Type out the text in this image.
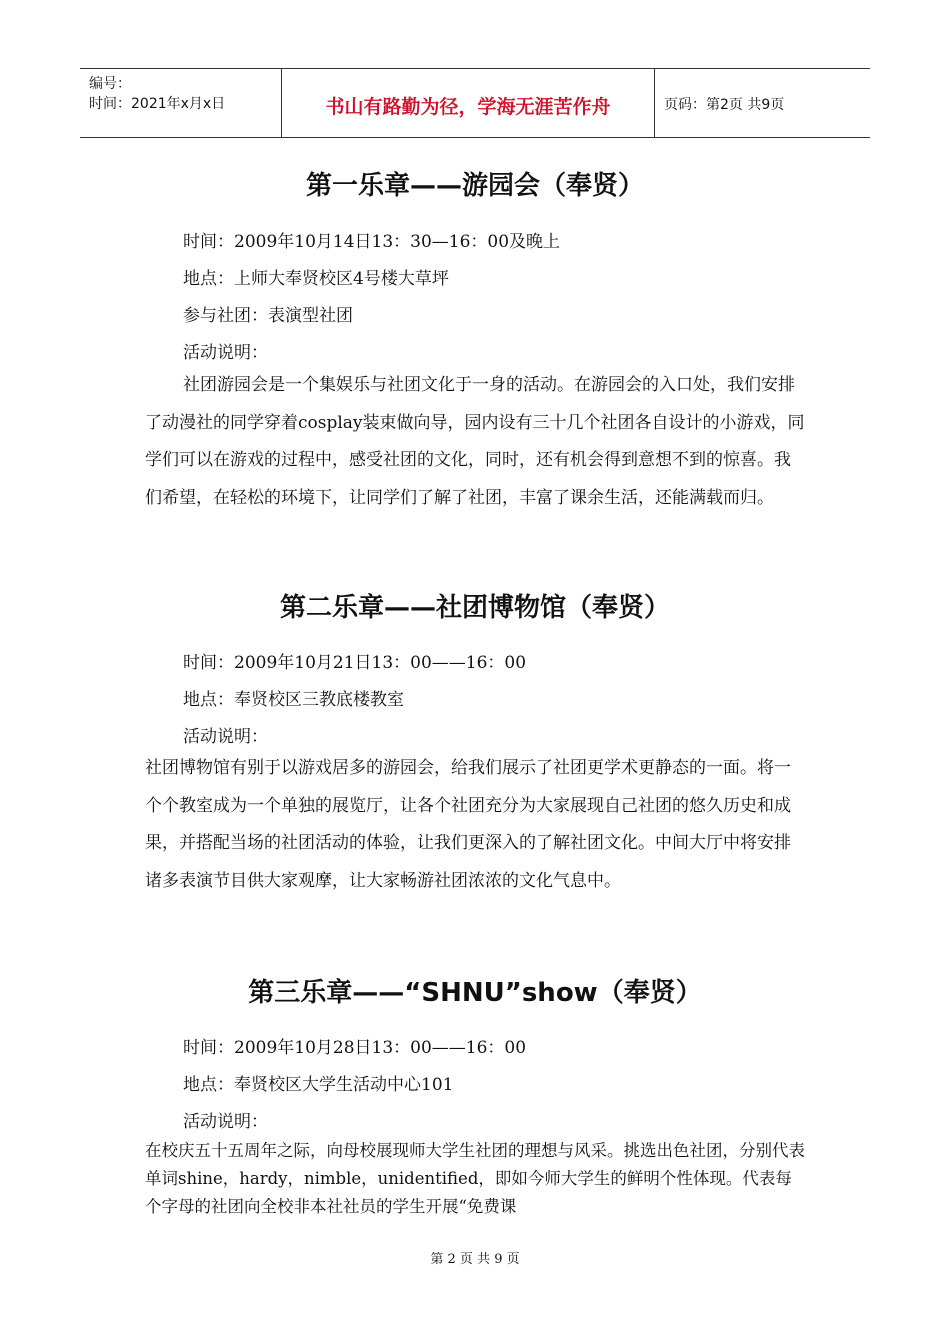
编号：
时间：2021年x月x日	书山有路勤为径，学海无涯苦作舟	页码：第2页 共9页
第一乐章——游园会（奉贤）
时间：2009年10月14日13：30—16：00及晚上
地点：上师大奉贤校区4号楼大草坪
参与社团：表演型社团
活动说明：

社团游园会是一个集娱乐与社团文化于一身的活动。在游园会的入口处，我们安排了动漫社的同学穿着cosplay装束做向导，园内设有三十几个社团各自设计的小游戏，同学们可以在游戏的过程中，感受社团的文化，同时，还有机会得到意想不到的惊喜。我们希望，在轻松的环境下，让同学们了解了社团，丰富了课余生活，还能满载而归。

第二乐章——社团博物馆（奉贤）
时间：2009年10月21日13：00——16：00
地点：奉贤校区三教底楼教室
活动说明：

社团博物馆有别于以游戏居多的游园会，给我们展示了社团更学术更静态的一面。将一个个教室成为一个单独的展览厅，让各个社团充分为大家展现自己社团的悠久历史和成果，并搭配当场的社团活动的体验，让我们更深入的了解社团文化。中间大厅中将安排诸多表演节目供大家观摩，让大家畅游社团浓浓的文化气息中。

第三乐章——“SHNU”show（奉贤）
时间：2009年10月28日13：00——16：00
地点：奉贤校区大学生活动中心101
活动说明：

在校庆五十五周年之际，向母校展现师大学生社团的理想与风采。挑选出色社团，分别代表单词shine，hardy，nimble，unidentified，即如今师大学生的鲜明个性体现。代表每个字母的社团向全校非本社社员的学生开展“免费课

第 2 页 共 9 页
